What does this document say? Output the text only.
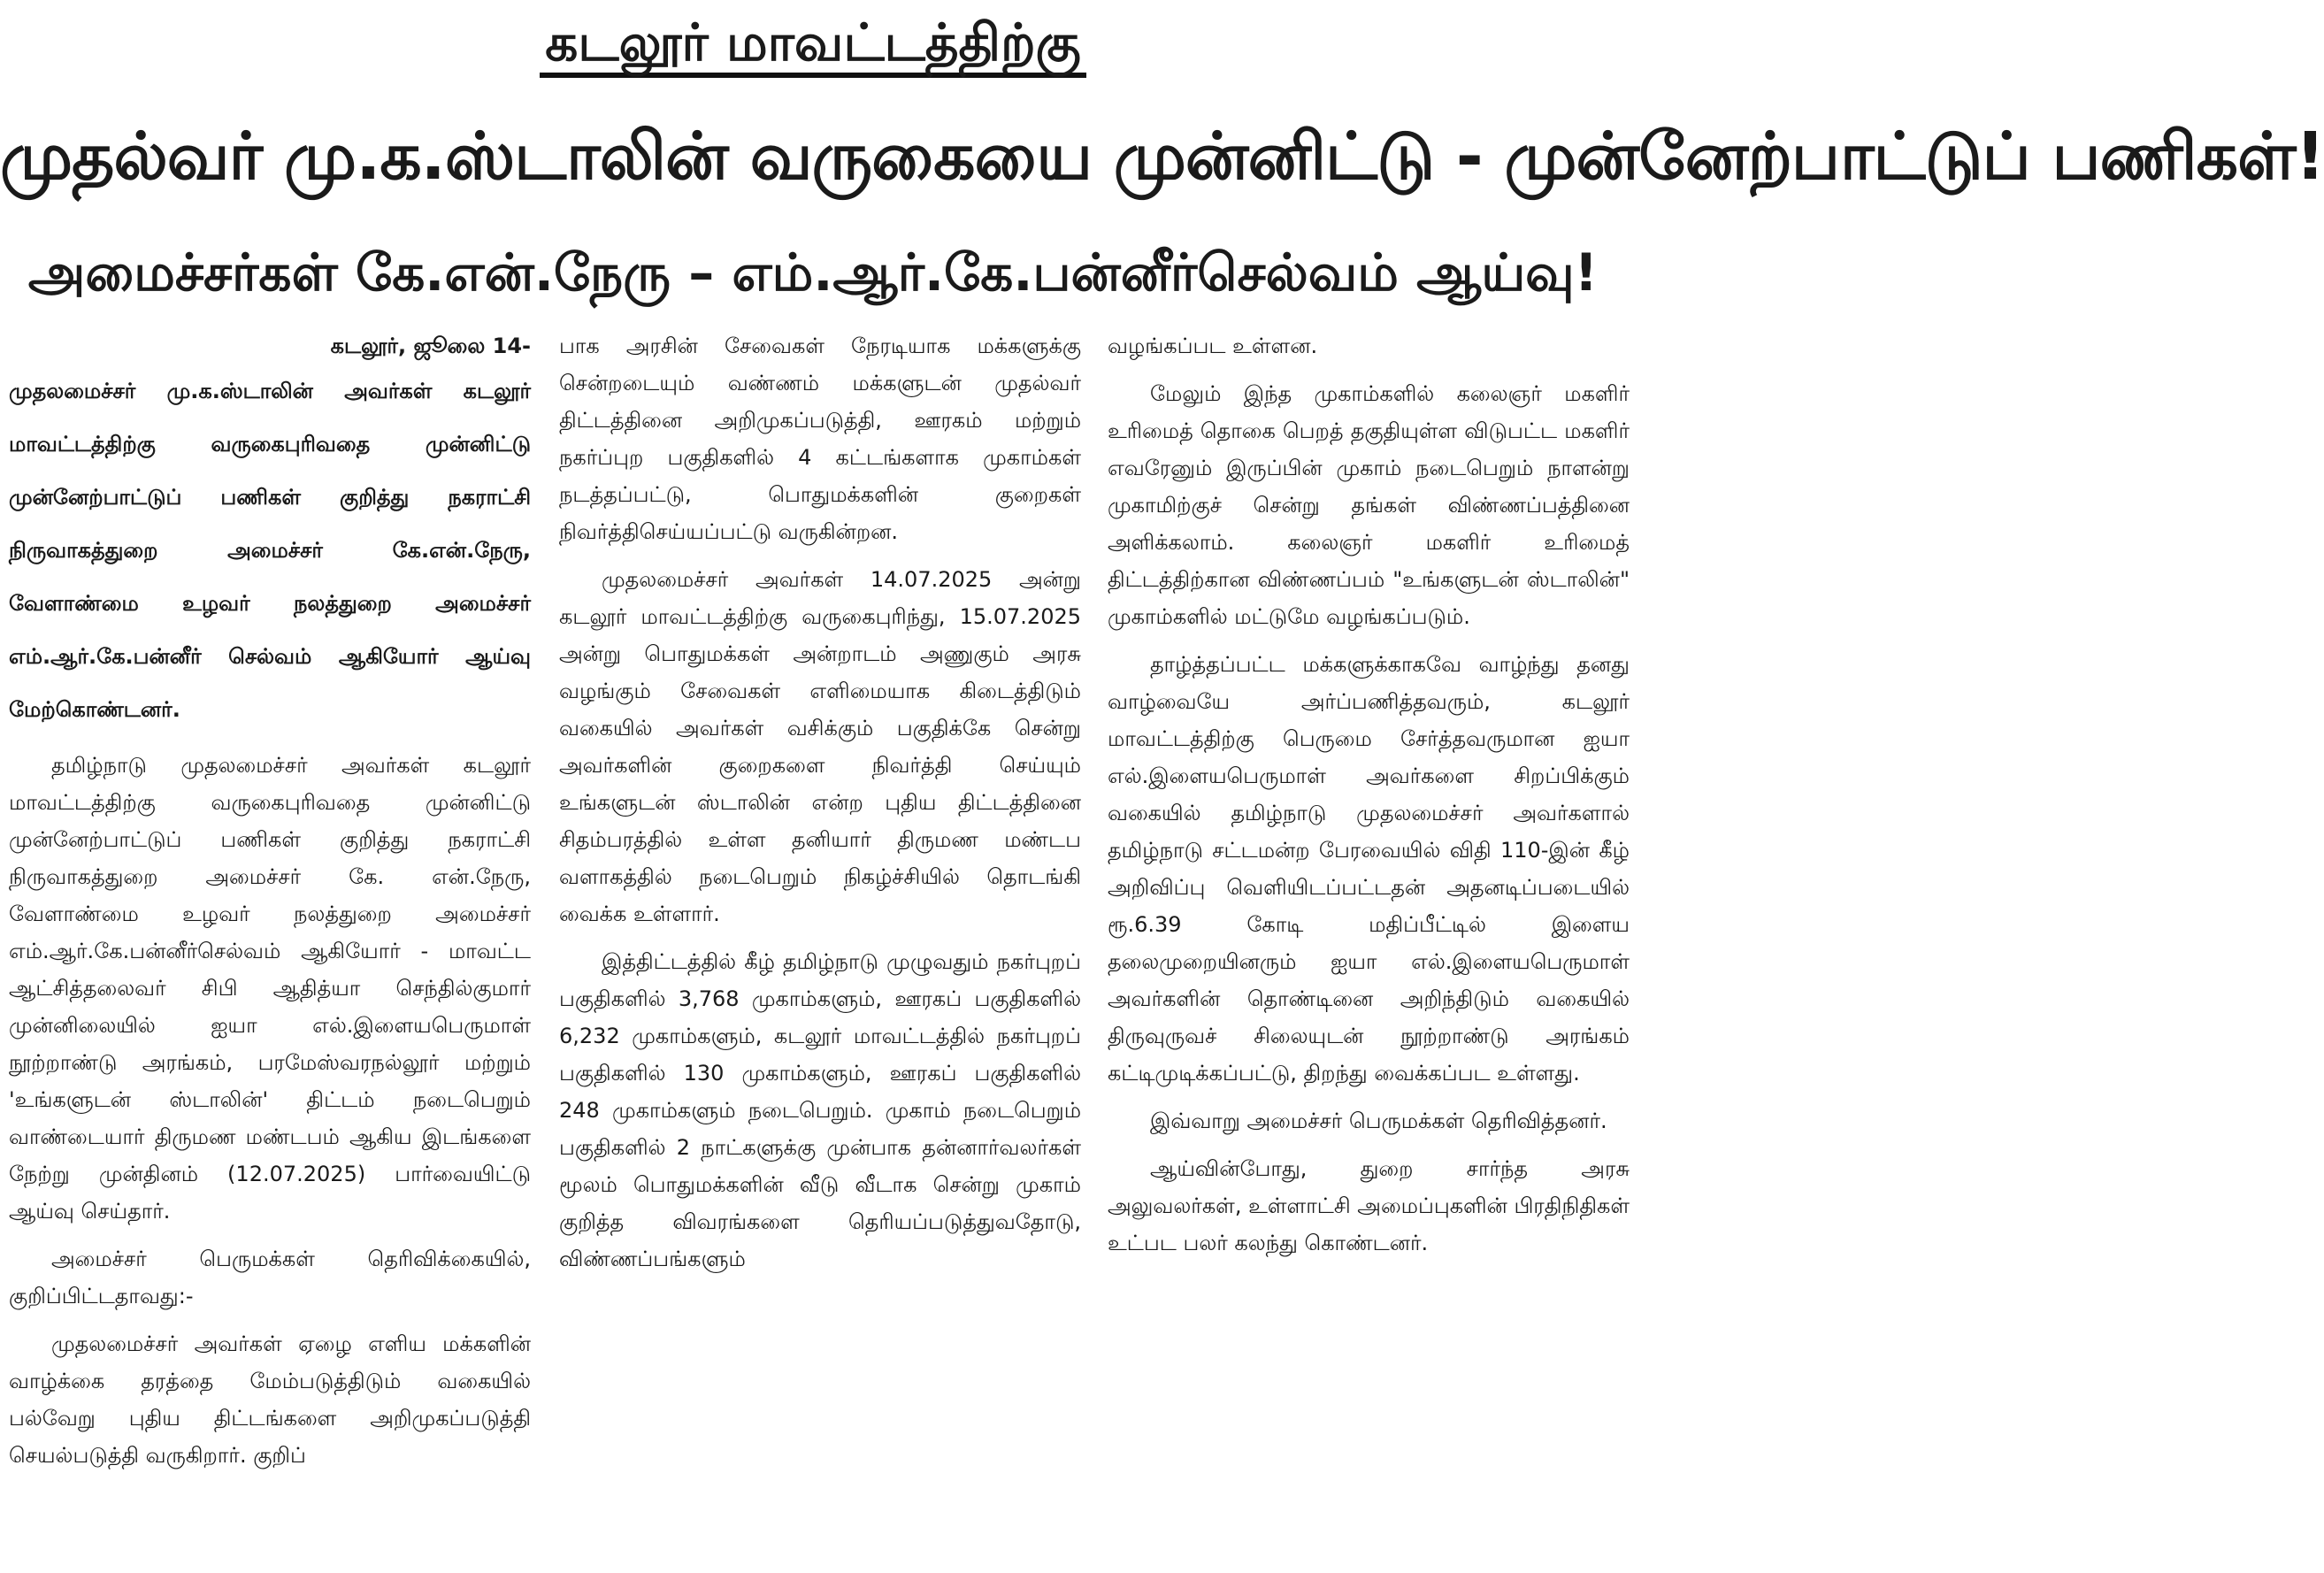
கடலூர் மாவட்டத்திற்கு
முதல்வர் மு.க.ஸ்டாலின் வருகையை முன்னிட்டு - முன்னேற்பாட்டுப் பணிகள்!
அமைச்சர்கள் கே.என்.நேரு – எம்.ஆர்.கே.பன்னீர்செல்வம் ஆய்வு!

கடலூர், ஜூலை 14-

முதலமைச்சர் மு.க.ஸ்டாலின் அவர்கள் கடலூர் மாவட்டத்திற்கு வருகைபுரிவதை முன்னிட்டு முன்னேற்பாட்டுப் பணிகள் குறித்து நகராட்சி நிருவாகத்துறை அமைச்சர் கே.என்.நேரு, வேளாண்மை உழவர் நலத்துறை அமைச்சர் எம்.ஆர்.கே.பன்னீர் செல்வம் ஆகியோர் ஆய்வு மேற்கொண்டனர்.

தமிழ்நாடு முதலமைச்சர் அவர்கள் கடலூர் மாவட்டத்திற்கு வருகைபுரிவதை முன்னிட்டு முன்னேற்பாட்டுப் பணிகள் குறித்து நகராட்சி நிருவாகத்துறை அமைச்சர் கே. என்.நேரு, வேளாண்மை உழவர் நலத்துறை அமைச்சர் எம்.ஆர்.கே.பன்னீர்செல்வம் ஆகியோர் - மாவட்ட ஆட்சித்தலைவர் சிபி ஆதித்யா செந்தில்குமார் முன்னிலையில் ஐயா எல்.இளையபெருமாள் நூற்றாண்டு அரங்கம், பரமேஸ்வரநல்லூர் மற்றும் 'உங்களுடன் ஸ்டாலின்' திட்டம் நடைபெறும் வாண்டையார் திருமண மண்டபம் ஆகிய இடங்களை நேற்று முன்தினம் (12.07.2025) பார்வையிட்டு ஆய்வு செய்தார்.

அமைச்சர் பெருமக்கள் தெரிவிக்கையில், குறிப்பிட்டதாவது:-

முதலமைச்சர் அவர்கள் ஏழை எளிய மக்களின் வாழ்க்கை தரத்தை மேம்படுத்திடும் வகையில் பல்வேறு புதிய திட்டங்களை அறிமுகப்படுத்தி செயல்படுத்தி வருகிறார். குறிப்

பாக அரசின் சேவைகள் நேரடியாக மக்களுக்கு சென்றடையும் வண்ணம் மக்களுடன் முதல்வர் திட்டத்தினை அறிமுகப்படுத்தி, ஊரகம் மற்றும் நகர்ப்புற பகுதிகளில் 4 கட்டங்களாக முகாம்கள் நடத்தப்பட்டு, பொதுமக்களின் குறைகள் நிவர்த்திசெய்யப்பட்டு வருகின்றன.

முதலமைச்சர் அவர்கள் 14.07.2025 அன்று கடலூர் மாவட்டத்திற்கு வருகைபுரிந்து, 15.07.2025 அன்று பொதுமக்கள் அன்றாடம் அணுகும் அரசு வழங்கும் சேவைகள் எளிமையாக கிடைத்திடும் வகையில் அவர்கள் வசிக்கும் பகுதிக்கே சென்று அவர்களின் குறைகளை நிவர்த்தி செய்யும் உங்களுடன் ஸ்டாலின் என்ற புதிய திட்டத்தினை சிதம்பரத்தில் உள்ள தனியார் திருமண மண்டப வளாகத்தில் நடைபெறும் நிகழ்ச்சியில் தொடங்கி வைக்க உள்ளார்.

இத்திட்டத்தில் கீழ் தமிழ்நாடு முழுவதும் நகர்புறப் பகுதிகளில் 3,768 முகாம்களும், ஊரகப் பகுதிகளில் 6,232 முகாம்களும், கடலூர் மாவட்டத்தில் நகர்புறப் பகுதிகளில் 130 முகாம்களும், ஊரகப் பகுதிகளில் 248 முகாம்களும் நடைபெறும். முகாம் நடைபெறும் பகுதிகளில் 2 நாட்களுக்கு முன்பாக தன்னார்வலர்கள் மூலம் பொதுமக்களின் வீடு வீடாக சென்று முகாம் குறித்த விவரங்களை தெரியப்படுத்துவதோடு, விண்ணப்பங்களும்

வழங்கப்பட உள்ளன.

மேலும் இந்த முகாம்களில் கலைஞர் மகளிர் உரிமைத் தொகை பெறத் தகுதியுள்ள விடுபட்ட மகளிர் எவரேனும் இருப்பின் முகாம் நடைபெறும் நாளன்று முகாமிற்குச் சென்று தங்கள் விண்ணப்பத்தினை அளிக்கலாம். கலைஞர் மகளிர் உரிமைத் திட்டத்திற்கான விண்ணப்பம் "உங்களுடன் ஸ்டாலின்" முகாம்களில் மட்டுமே வழங்கப்படும்.

தாழ்த்தப்பட்ட மக்களுக்காகவே வாழ்ந்து தனது வாழ்வையே அர்ப்பணித்தவரும், கடலூர் மாவட்டத்திற்கு பெருமை சேர்த்தவருமான ஐயா எல்.இளையபெருமாள் அவர்களை சிறப்பிக்கும் வகையில் தமிழ்நாடு முதலமைச்சர் அவர்களால் தமிழ்நாடு சட்டமன்ற பேரவையில் விதி 110-இன் கீழ் அறிவிப்பு வெளியிடப்பட்டதன் அதனடிப்படையில் ரூ.6.39 கோடி மதிப்பீட்டில் இளைய தலைமுறையினரும் ஐயா எல்.இளையபெருமாள் அவர்களின் தொண்டினை அறிந்திடும் வகையில் திருவுருவச் சிலையுடன் நூற்றாண்டு அரங்கம் கட்டிமுடிக்கப்பட்டு, திறந்து வைக்கப்பட உள்ளது.

இவ்வாறு அமைச்சர் பெருமக்கள் தெரிவித்தனர்.

ஆய்வின்போது, துறை சார்ந்த அரசு அலுவலர்கள், உள்ளாட்சி அமைப்புகளின் பிரதிநிதிகள் உட்பட பலர் கலந்து கொண்டனர்.
